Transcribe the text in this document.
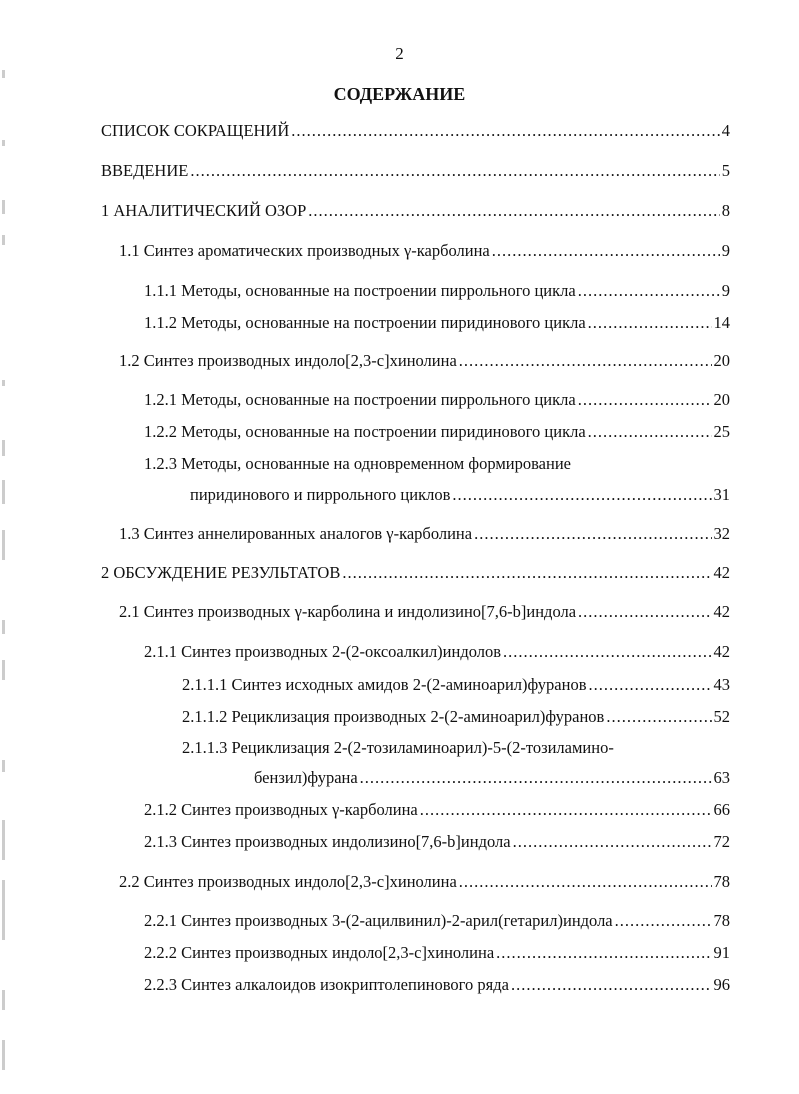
2
СОДЕРЖАНИЕ
СПИСОК СОКРАЩЕНИЙ .....	4
ВВЕДЕНИЕ .....	5
1 АНАЛИТИЧЕСКИЙ ОЗОР .....	8
1.1 Синтез ароматических производных γ-карболина .....	9
1.1.1 Методы, основанные на построении пиррольного цикла .....	9
1.1.2 Методы, основанные на построении пиридинового цикла .....	14
1.2 Синтез производных индоло[2,3-c]хинолина .....	20
1.2.1 Методы, основанные на построении пиррольного цикла .....	20
1.2.2 Методы, основанные на построении пиридинового цикла .....	25
1.2.3 Методы, основанные на одновременном формирование
пиридинового и пиррольного циклов .....	31
1.3 Синтез аннелированных аналогов γ-карболина .....	32
2 ОБСУЖДЕНИЕ РЕЗУЛЬТАТОВ .....	42
2.1 Синтез производных γ-карболина и индолизино[7,6-b]индола .....	42
2.1.1 Синтез производных 2-(2-оксоалкил)индолов .....	42
2.1.1.1 Синтез исходных амидов 2-(2-аминоарил)фуранов .....	43
2.1.1.2 Рециклизация производных 2-(2-аминоарил)фуранов .....	52
2.1.1.3 Рециклизация 2-(2-тозиламиноарил)-5-(2-тозиламино-
бензил)фурана .....	63
2.1.2 Синтез производных γ-карболина .....	66
2.1.3 Синтез производных индолизино[7,6-b]индола .....	72
2.2 Синтез производных индоло[2,3-c]хинолина .....	78
2.2.1 Синтез производных 3-(2-ацилвинил)-2-арил(гетарил)индола .....	78
2.2.2 Синтез производных индоло[2,3-c]хинолина .....	91
2.2.3 Синтез алкалоидов изокриптолепинового ряда .....	96
